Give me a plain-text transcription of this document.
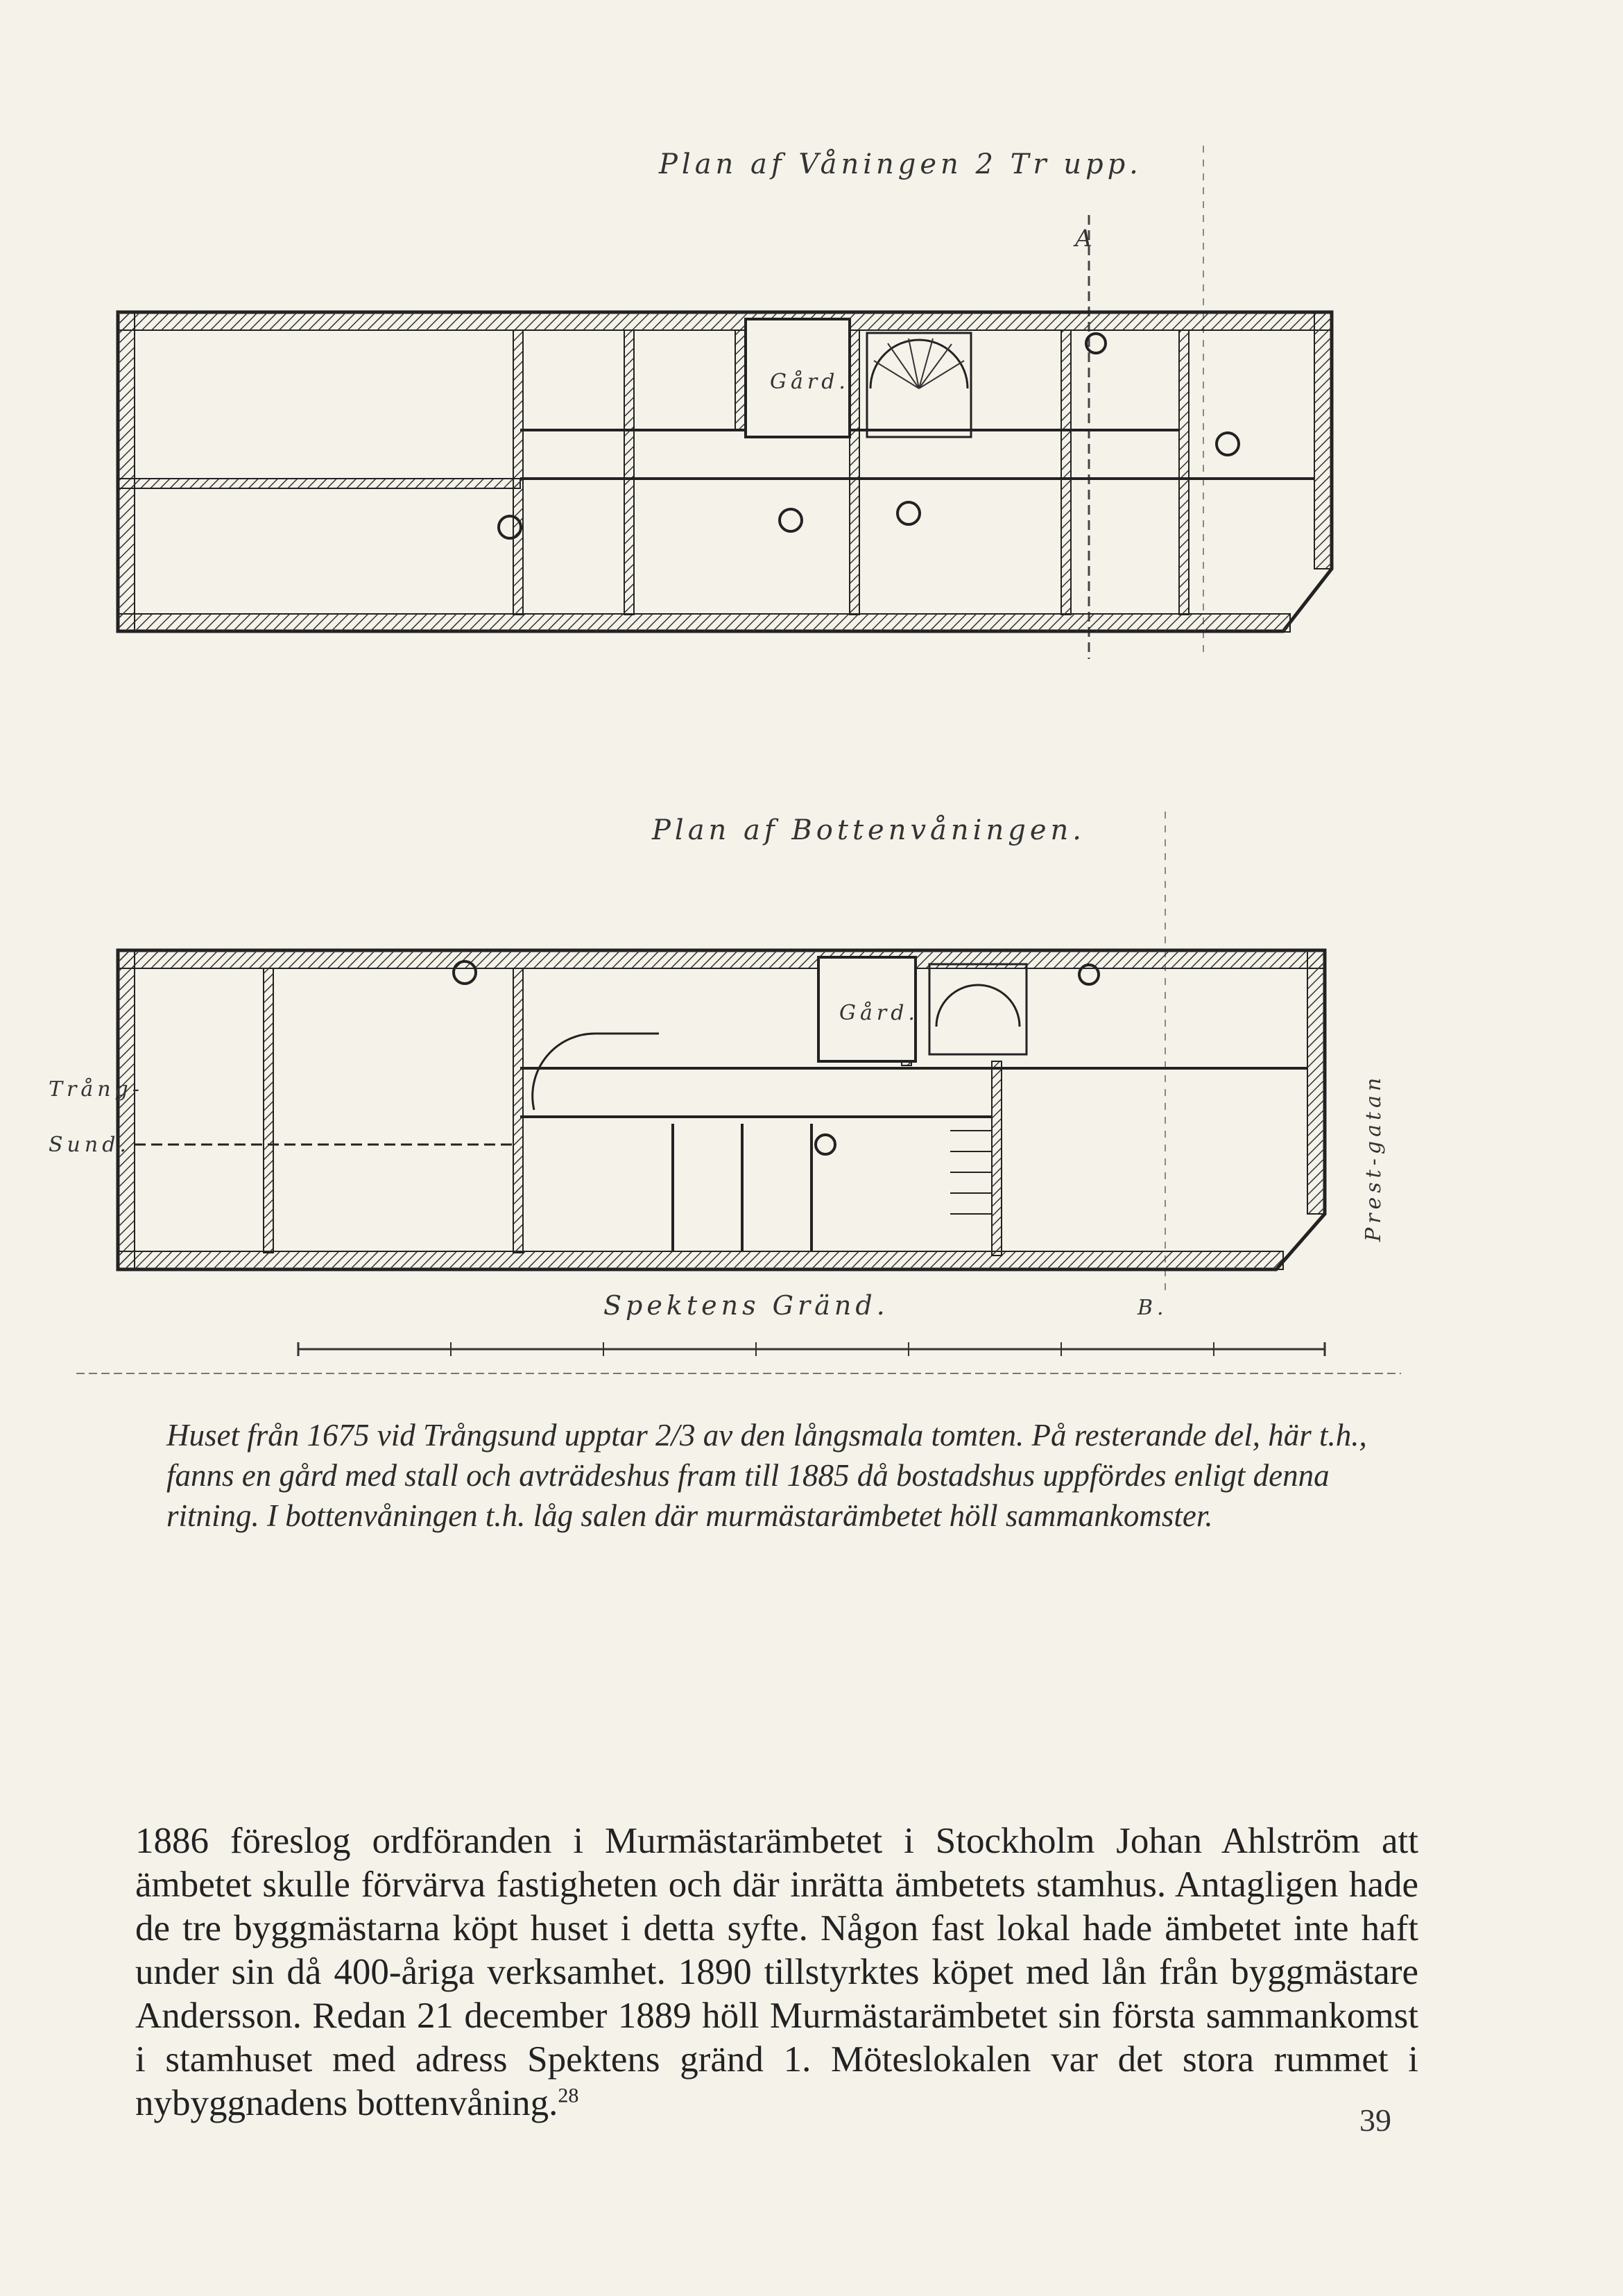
Plan af Våningen 2 Tr upp.
A
Gård.
Plan af Bottenvåningen.
Gård.
Trång-
Sund.	Prest-gatan
Spektens Gränd.	B.
Huset från 1675 vid Trångsund upptar 2/3 av den långsmala tomten. På resterande del, här t.h., fanns en gård med stall och avträdeshus fram till 1885 då bostadshus uppfördes enligt denna ritning. I bottenvåningen t.h. låg salen där murmästarämbetet höll sammankomster.

1886 föreslog ordföranden i Murmästarämbetet i Stockholm Johan Ahlström att ämbetet skulle förvärva fastigheten och där inrätta ämbetets stamhus. Antagligen hade de tre byggmästarna köpt huset i detta syfte. Någon fast lokal hade ämbetet inte haft under sin då 400-åriga verksamhet. 1890 tillstyrktes köpet med lån från byggmästare Andersson. Redan 21 december 1889 höll Murmästarämbetet sin första sammankomst i stamhuset med adress Spektens gränd 1. Möteslokalen var det stora rummet i nybyggnadens bottenvåning.$^{28}$

39
